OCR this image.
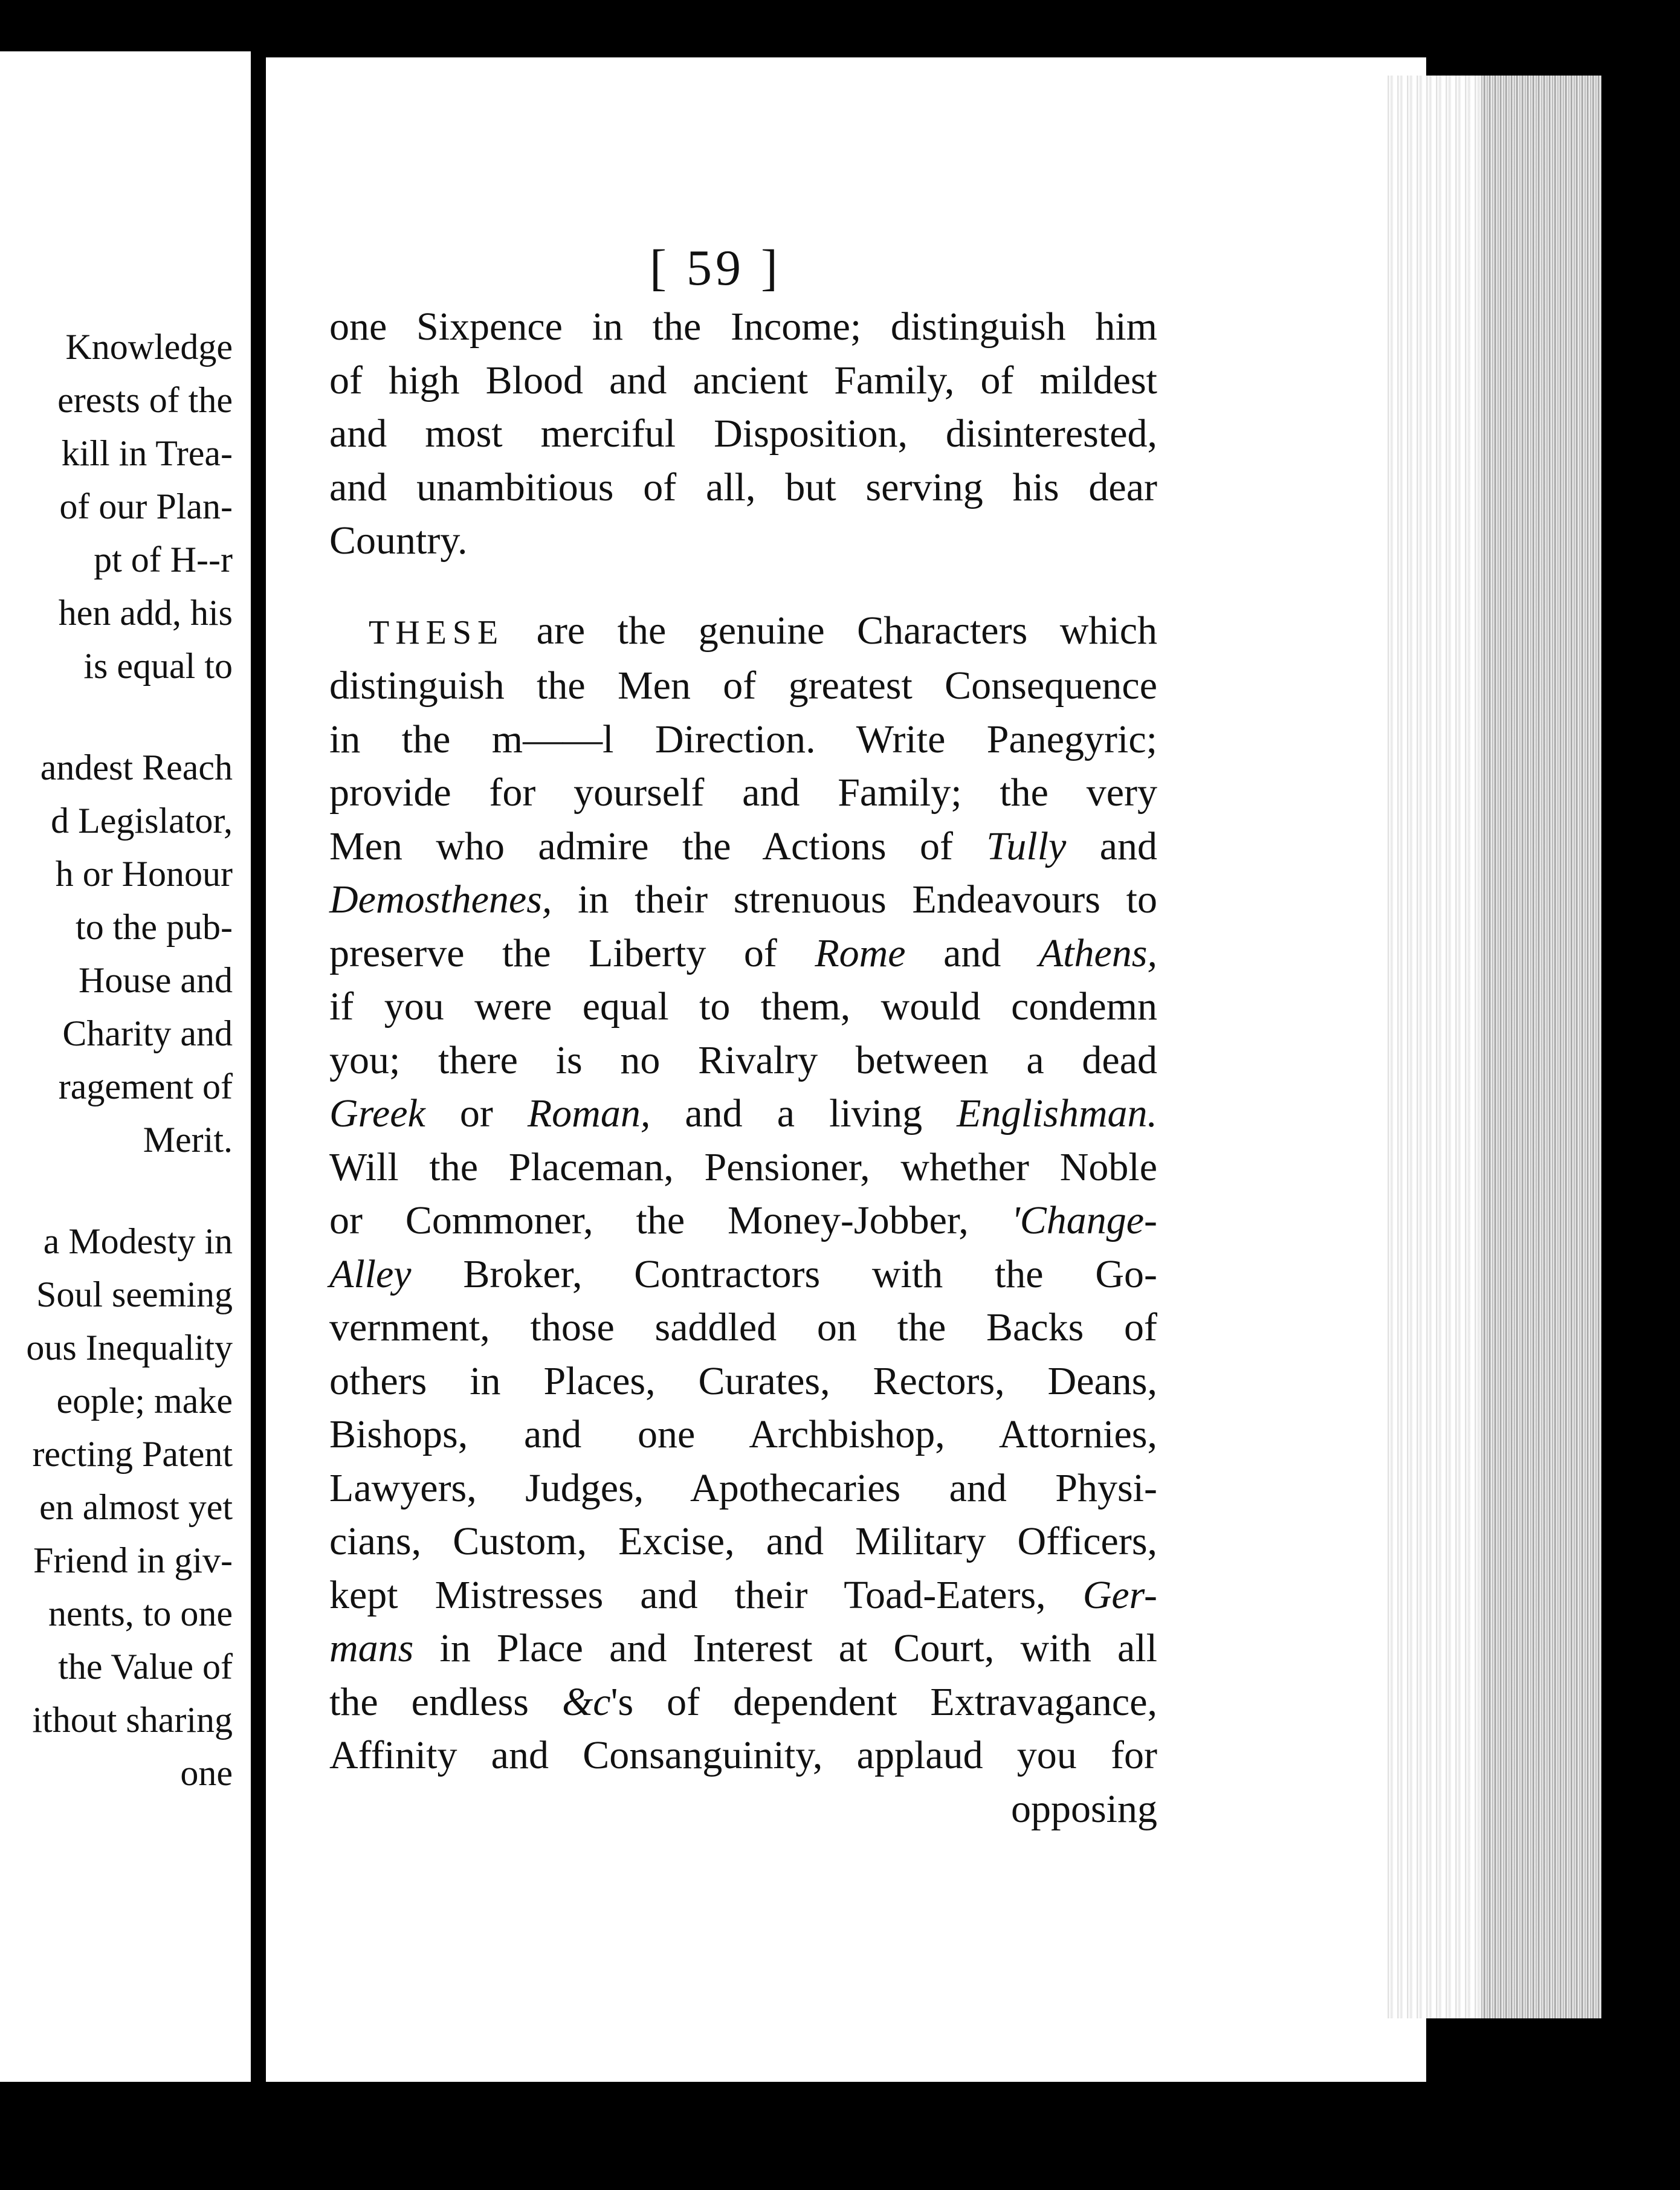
Knowledge
erests of the
kill in Trea-
of our Plan-
pt of H--r
hen add, his
is equal to
andest Reach
d Legislator,
h or Honour
to the pub-
House and
Charity and
ragement of
Merit.
a Modesty in
Soul seeming
ous Inequality
eople; make
recting Patent
en almost yet
Friend in giv-
nents, to one
the Value of
ithout sharing
one
[ 59 ]
one Sixpence in the Income; distinguish him
of high Blood and ancient Family, of mildest
and most merciful Disposition, disinterested,
and unambitious of all, but serving his dear
Country.
THESE are the genuine Characters which
distinguish the Men of greatest Consequence
in the m——l Direction. Write Panegyric;
provide for yourself and Family; the very
Men who admire the Actions of Tully and
Demosthenes, in their strenuous Endeavours to
preserve the Liberty of Rome and Athens,
if you were equal to them, would condemn
you; there is no Rivalry between a dead
Greek or Roman, and a living Englishman.
Will the Placeman, Pensioner, whether Noble
or Commoner, the Money-Jobber, 'Change-
Alley Broker, Contractors with the Go-
vernment, those saddled on the Backs of
others in Places, Curates, Rectors, Deans,
Bishops, and one Archbishop, Attornies,
Lawyers, Judges, Apothecaries and Physi-
cians, Custom, Excise, and Military Officers,
kept Mistresses and their Toad-Eaters, Ger-
mans in Place and Interest at Court, with all
the endless &c's of dependent Extravagance,
Affinity and Consanguinity, applaud you for
opposing
